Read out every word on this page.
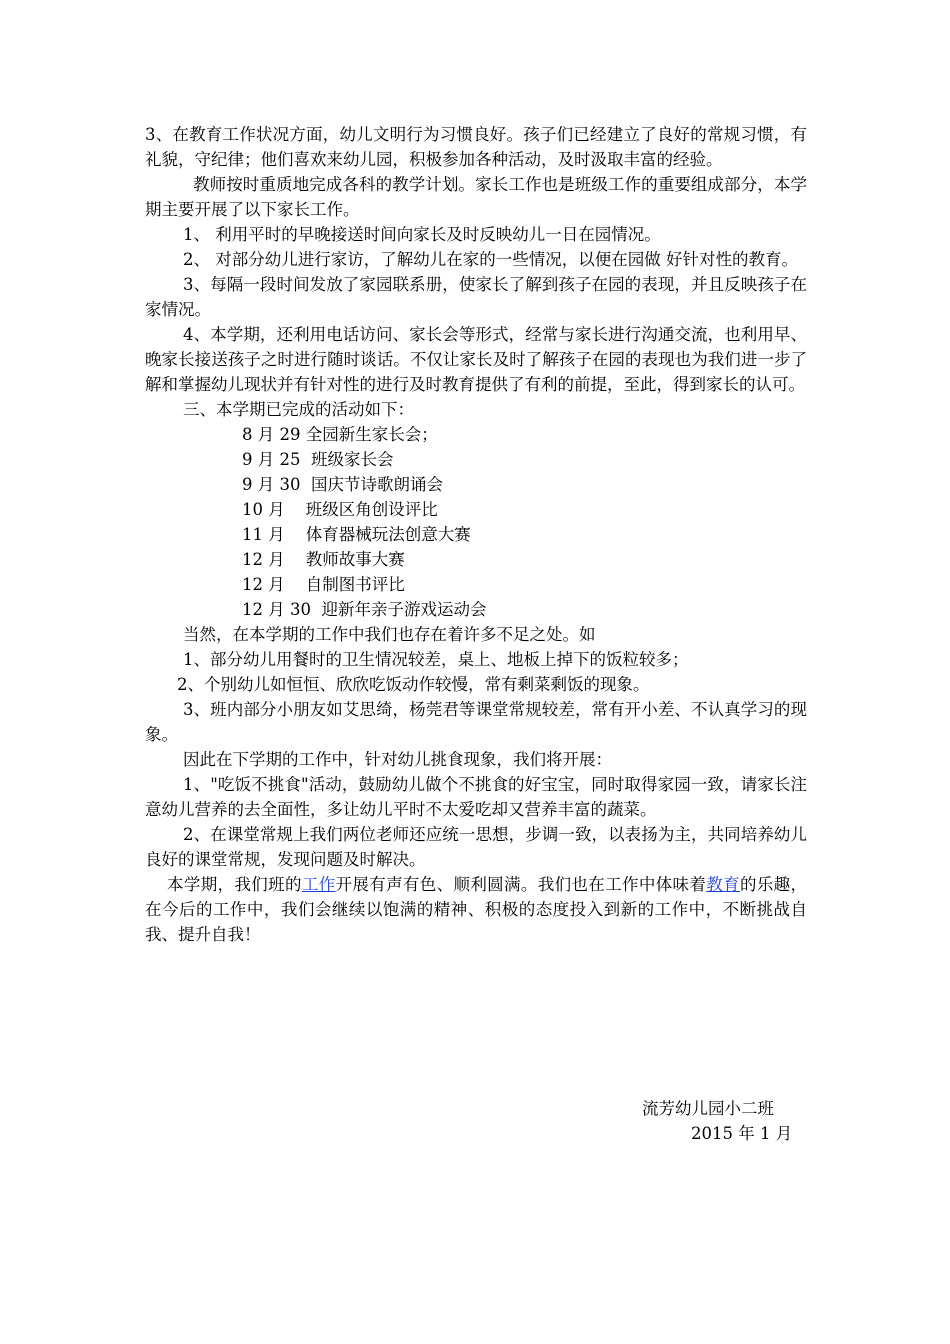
3、在教育工作状况方面，幼儿文明行为习惯良好。孩子们已经建立了良好的常规习惯，有礼貌，守纪律；他们喜欢来幼儿园，积极参加各种活动，及时汲取丰富的经验。

教师按时重质地完成各科的教学计划。家长工作也是班级工作的重要组成部分，本学期主要开展了以下家长工作。

1、 利用平时的早晚接送时间向家长及时反映幼儿一日在园情况。

2、 对部分幼儿进行家访，了解幼儿在家的一些情况，以便在园做 好针对性的教育。

3、每隔一段时间发放了家园联系册，使家长了解到孩子在园的表现，并且反映孩子在家情况。

4、本学期，还利用电话访问、家长会等形式，经常与家长进行沟通交流，也利用早、晚家长接送孩子之时进行随时谈话。不仅让家长及时了解孩子在园的表现也为我们进一步了解和掌握幼儿现状并有针对性的进行及时教育提供了有利的前提，至此，得到家长的认可。

三、本学期已完成的活动如下：

8 月 29 全园新生家长会；

9 月 25  班级家长会

9 月 30  国庆节诗歌朗诵会

10 月    班级区角创设评比

11 月    体育器械玩法创意大赛

12 月    教师故事大赛

12 月    自制图书评比

12 月 30  迎新年亲子游戏运动会

当然，在本学期的工作中我们也存在着许多不足之处。如

1、部分幼儿用餐时的卫生情况较差，桌上、地板上掉下的饭粒较多；

2、个别幼儿如恒恒、欣欣吃饭动作较慢，常有剩菜剩饭的现象。

3、班内部分小朋友如艾思绮，杨莞君等课堂常规较差，常有开小差、不认真学习的现象。

因此在下学期的工作中，针对幼儿挑食现象，我们将开展：

1、"吃饭不挑食"活动，鼓励幼儿做个不挑食的好宝宝，同时取得家园一致，请家长注意幼儿营养的去全面性，多让幼儿平时不太爱吃却又营养丰富的蔬菜。

2、在课堂常规上我们两位老师还应统一思想，步调一致，以表扬为主，共同培养幼儿良好的课堂常规，发现问题及时解决。

本学期，我们班的工作开展有声有色、顺利圆满。我们也在工作中体味着教育的乐趣，在今后的工作中，我们会继续以饱满的精神、积极的态度投入到新的工作中，不断挑战自我、提升自我！

流芳幼儿园小二班
2015 年 1 月
